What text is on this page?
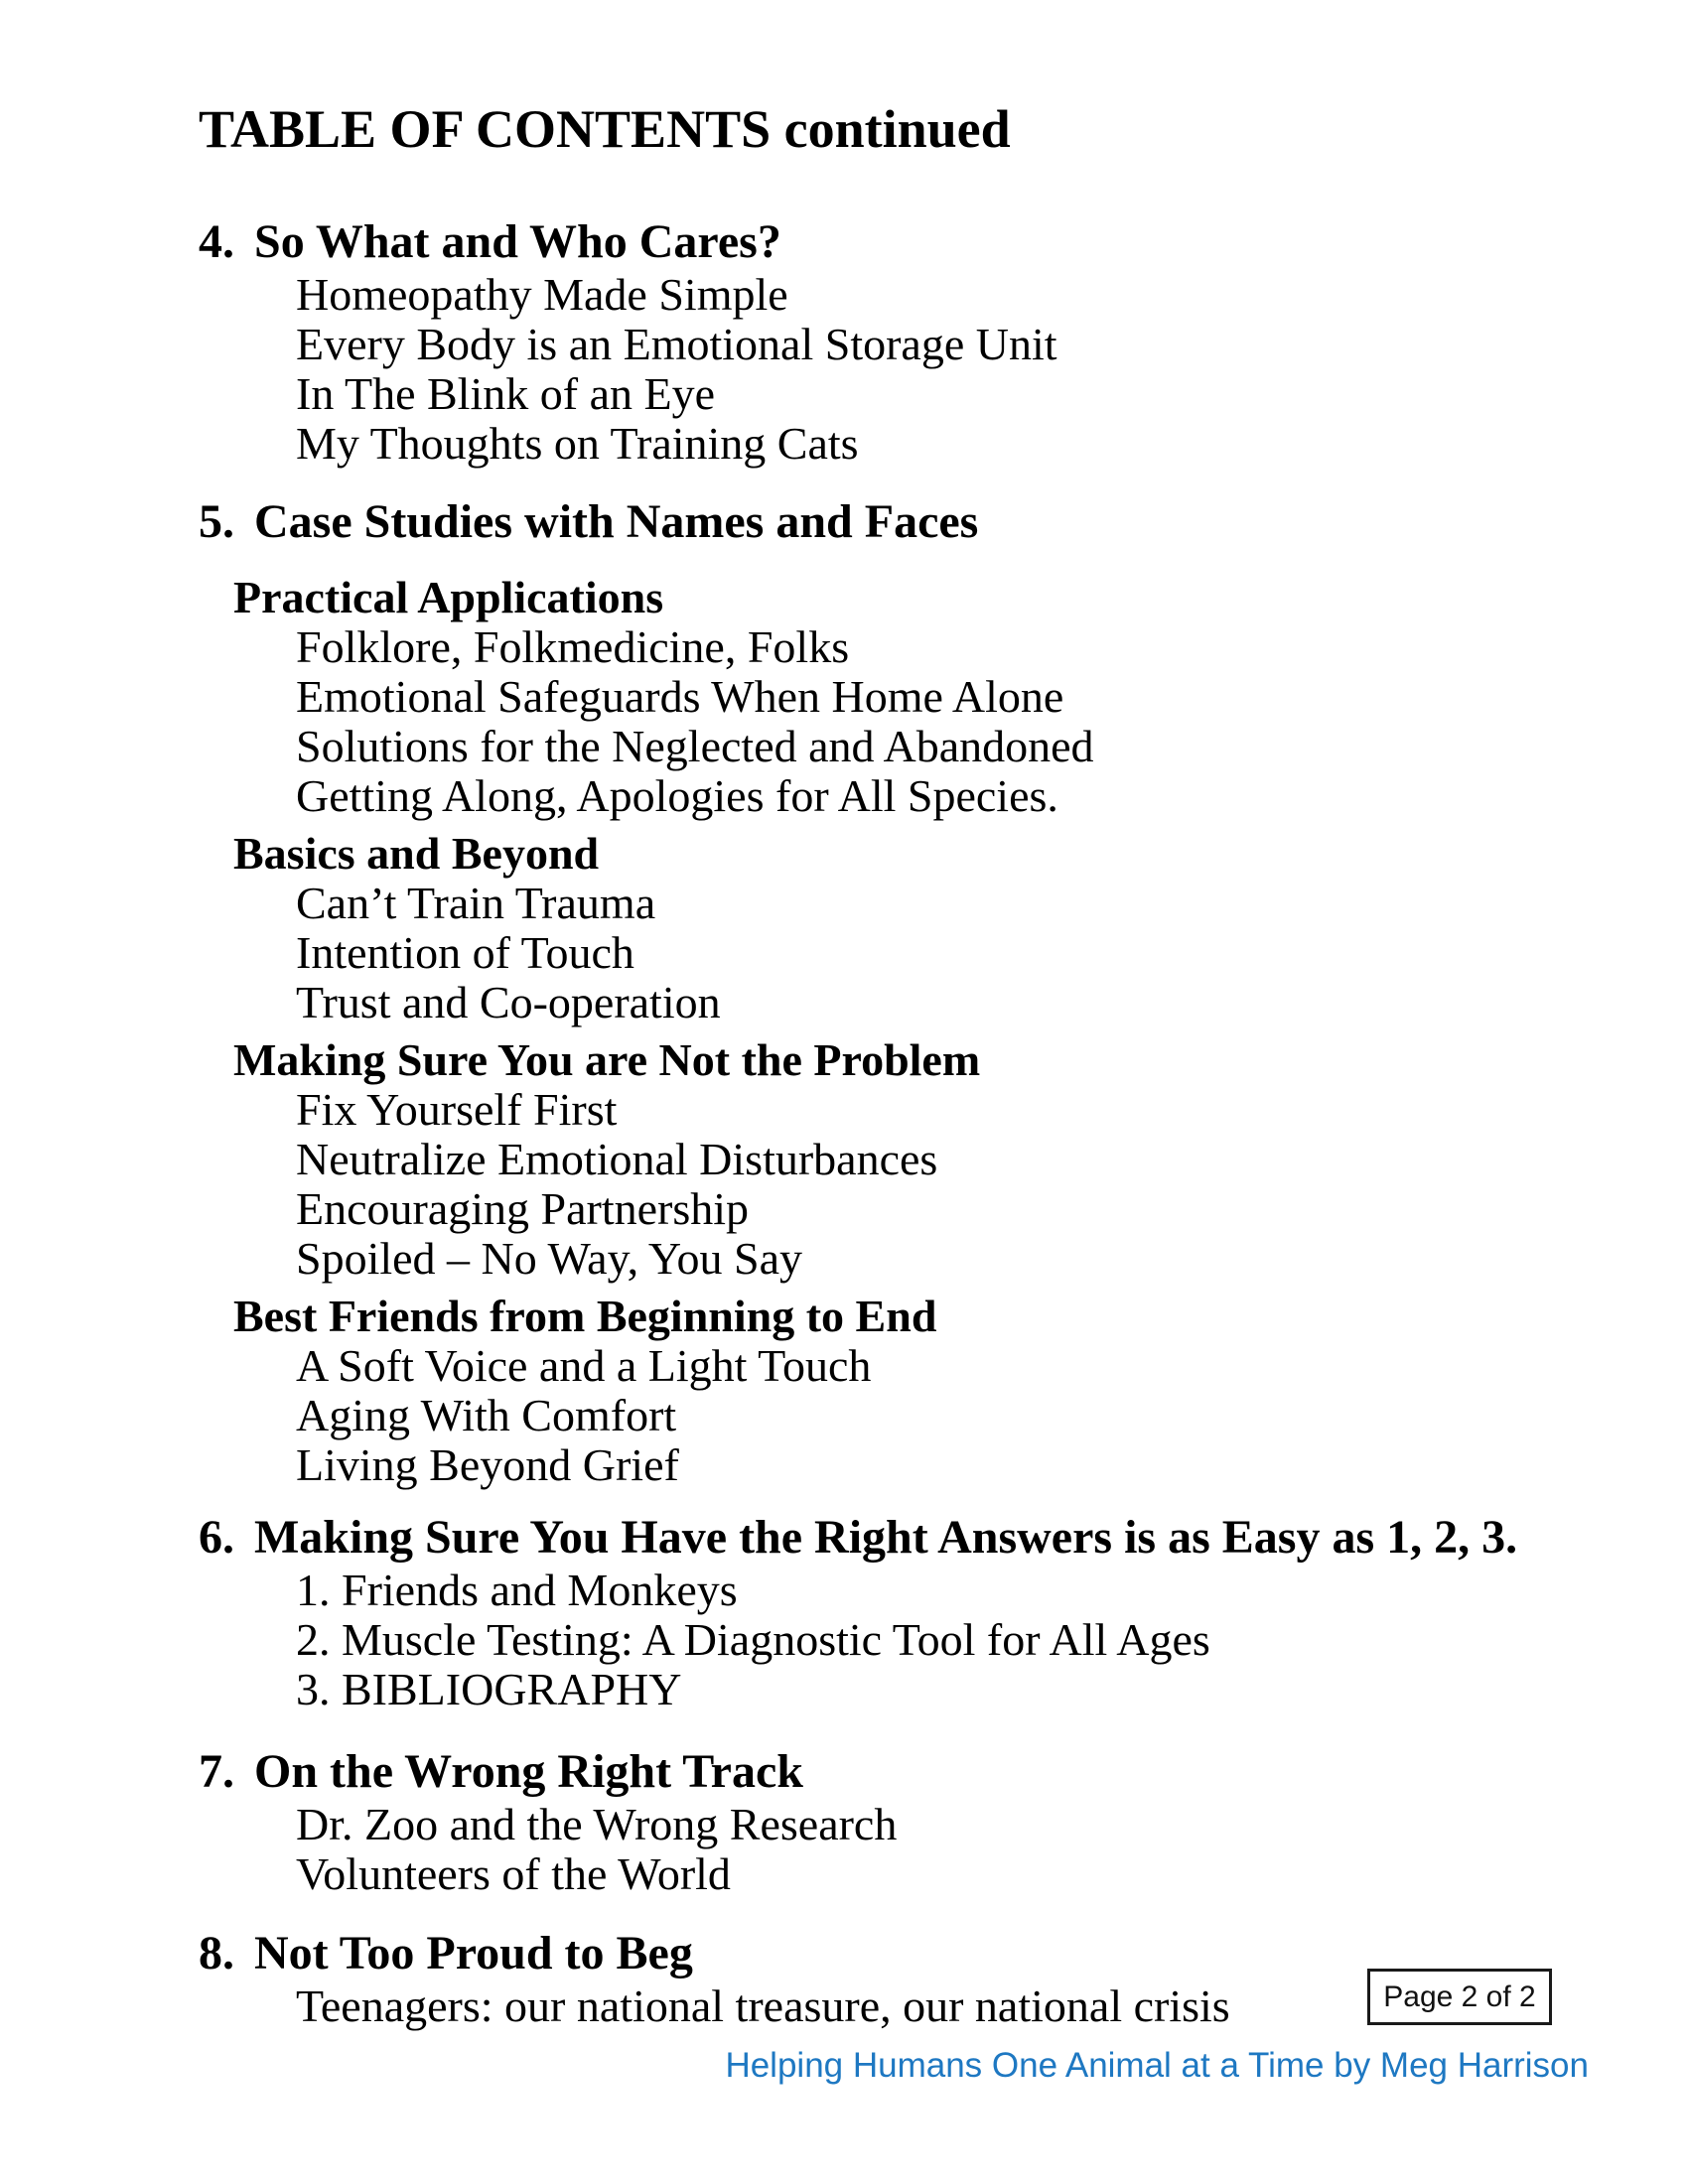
TABLE OF CONTENTS continued
4. So What and Who Cares?
Homeopathy Made Simple
Every Body is an Emotional Storage Unit
In The Blink of an Eye
My Thoughts on Training Cats
5. Case Studies with Names and Faces
Practical Applications
Folklore, Folkmedicine, Folks
Emotional Safeguards When Home Alone
Solutions for the Neglected and Abandoned
Getting Along, Apologies for All Species.
Basics and Beyond
Can’t Train Trauma
Intention of Touch
Trust and Co-operation
Making Sure You are Not the Problem
Fix Yourself First
Neutralize Emotional Disturbances
Encouraging Partnership
Spoiled – No Way, You Say
Best Friends from Beginning to End
A Soft Voice and a Light Touch
Aging With Comfort
Living Beyond Grief
6. Making Sure You Have the Right Answers is as Easy as 1, 2, 3.
1. Friends and Monkeys
2. Muscle Testing: A Diagnostic Tool for All Ages
3. BIBLIOGRAPHY
7. On the Wrong Right Track
Dr. Zoo and the Wrong Research
Volunteers of the World
8. Not Too Proud to Beg
Teenagers: our national treasure, our national crisis	Page 2 of 2
Helping Humans One Animal at a Time by Meg Harrison
